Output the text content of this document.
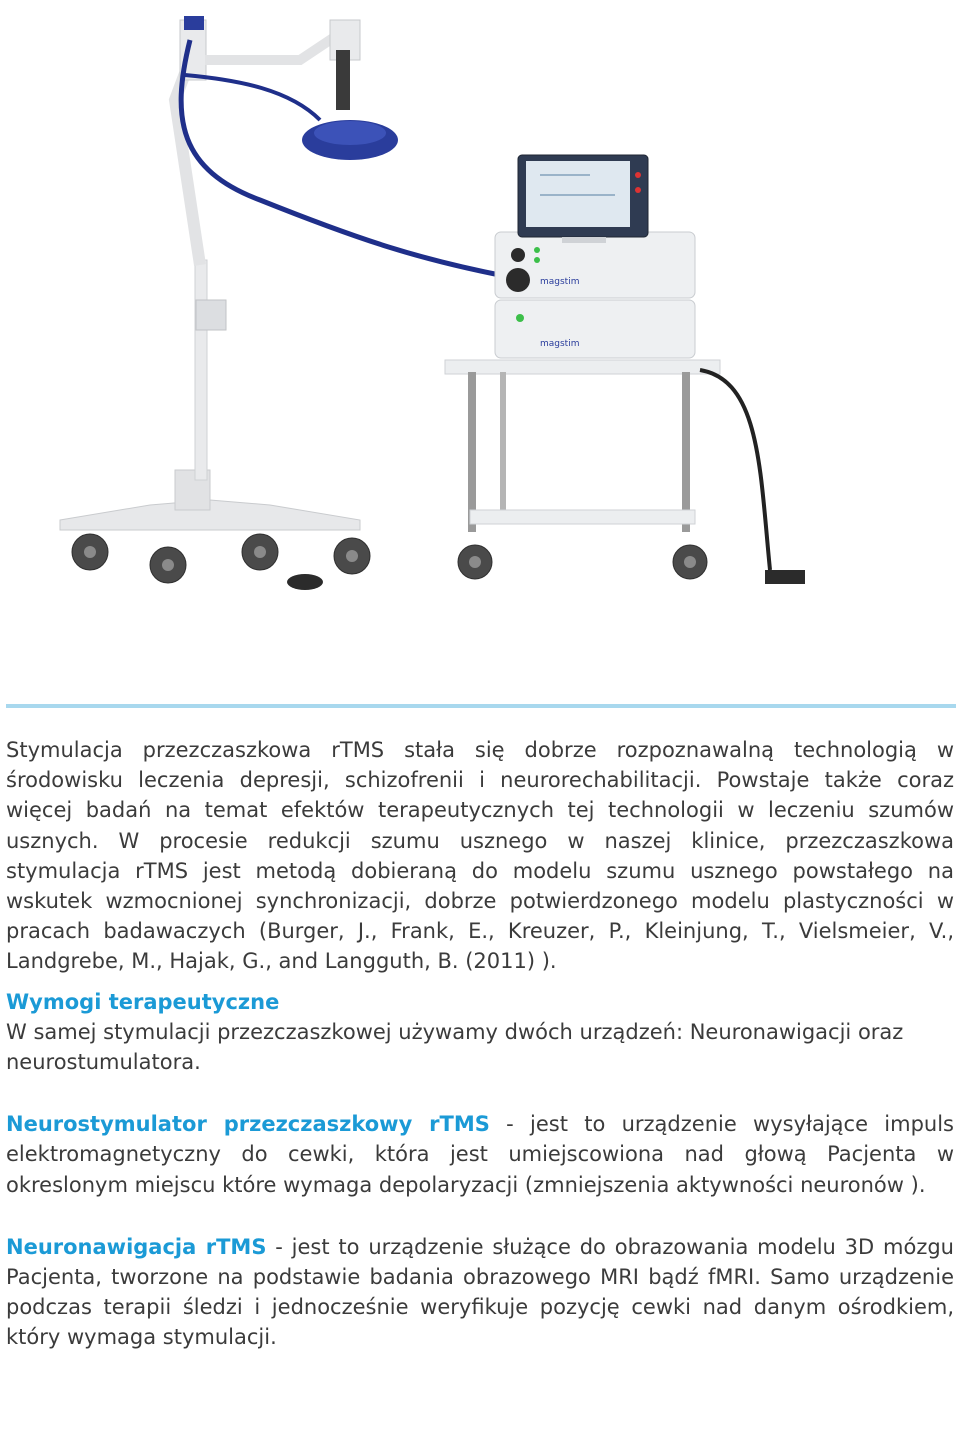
magstim
magstim

Stymulacja przezczaszkowa rTMS stała się dobrze rozpoznawalną technologią w środowisku leczenia depresji, schizofrenii i neurorechabilitacji. Powstaje także coraz więcej badań na temat efektów terapeutycznych tej technologii w leczeniu szumów usznych. W procesie redukcji szumu usznego w naszej klinice, przezczaszkowa stymulacja rTMS jest metodą dobieraną do modelu szumu usznego powstałego na wskutek wzmocnionej synchronizacji, dobrze potwierdzonego modelu plastyczności w pracach badawaczych (Burger, J., Frank, E., Kreuzer, P., Kleinjung, T., Vielsmeier, V., Landgrebe, M., Hajak, G., and Langguth, B. (2011) ).

Wymogi terapeutyczne

W samej stymulacji przezczaszkowej używamy dwóch urządzeń: Neuronawigacji oraz neurostumulatora.

Neurostymulator przezczaszkowy rTMS - jest to urządzenie wysyłające impuls elektromagnetyczny do cewki, która jest umiejscowiona nad głową Pacjenta w okreslonym miejscu które wymaga depolaryzacji (zmniejszenia aktywności neuronów ).

Neuronawigacja rTMS - jest to urządzenie służące do obrazowania modelu 3D mózgu Pacjenta, tworzone na podstawie badania obrazowego MRI bądź fMRI. Samo urządzenie podczas terapii śledzi i jednocześnie weryfikuje pozycję cewki nad danym ośrodkiem, który wymaga stymulacji.
